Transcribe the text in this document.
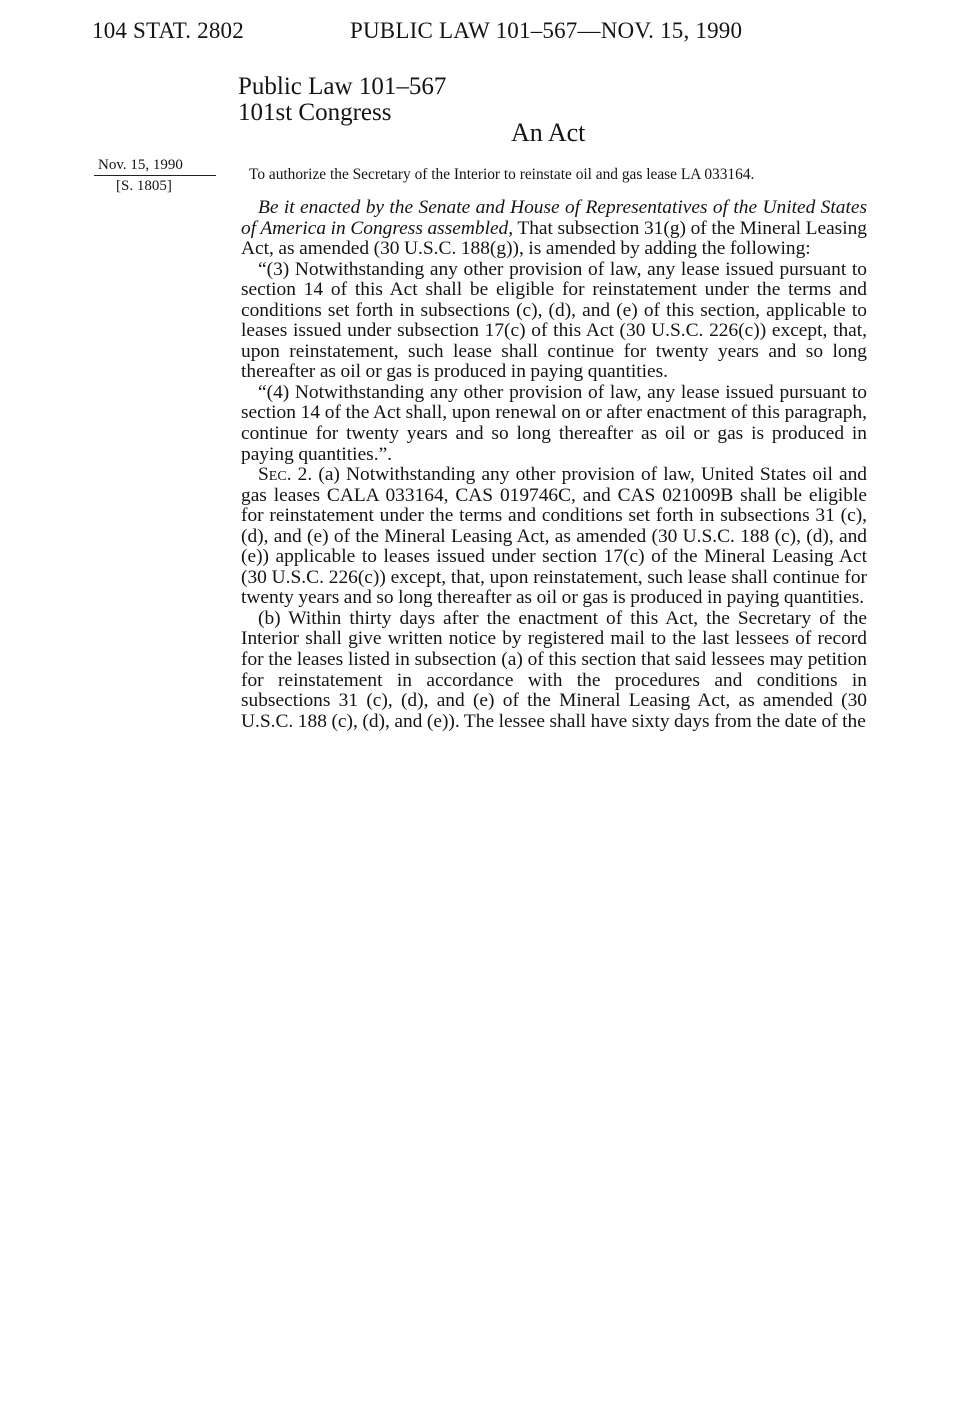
104 STAT. 2802	PUBLIC LAW 101–567—NOV. 15, 1990
Public Law 101–567
101st Congress
An Act
Nov. 15, 1990
[S. 1805]
To authorize the Secretary of the Interior to reinstate oil and gas lease LA 033164.

Be it enacted by the Senate and House of Representatives of the United States of America in Congress assembled, That subsection 31(g) of the Mineral Leasing Act, as amended (30 U.S.C. 188(g)), is amended by adding the following:

“(3) Notwithstanding any other provision of law, any lease issued pursuant to section 14 of this Act shall be eligible for reinstatement under the terms and conditions set forth in subsections (c), (d), and (e) of this section, applicable to leases issued under subsection 17(c) of this Act (30 U.S.C. 226(c)) except, that, upon reinstatement, such lease shall continue for twenty years and so long thereafter as oil or gas is produced in paying quantities.

“(4) Notwithstanding any other provision of law, any lease issued pursuant to section 14 of the Act shall, upon renewal on or after enactment of this paragraph, continue for twenty years and so long thereafter as oil or gas is produced in paying quantities.”.

Sec. 2. (a) Notwithstanding any other provision of law, United States oil and gas leases CALA 033164, CAS 019746C, and CAS 021009B shall be eligible for reinstatement under the terms and conditions set forth in subsections 31 (c), (d), and (e) of the Mineral Leasing Act, as amended (30 U.S.C. 188 (c), (d), and (e)) applicable to leases issued under section 17(c) of the Mineral Leasing Act (30 U.S.C. 226(c)) except, that, upon reinstatement, such lease shall continue for twenty years and so long thereafter as oil or gas is produced in paying quantities.

(b) Within thirty days after the enactment of this Act, the Secretary of the Interior shall give written notice by registered mail to the last lessees of record for the leases listed in subsection (a) of this section that said lessees may petition for reinstatement in accordance with the procedures and conditions in subsections 31 (c), (d), and (e) of the Mineral Leasing Act, as amended (30 U.S.C. 188 (c), (d), and (e)). The lessee shall have sixty days from the date of the
